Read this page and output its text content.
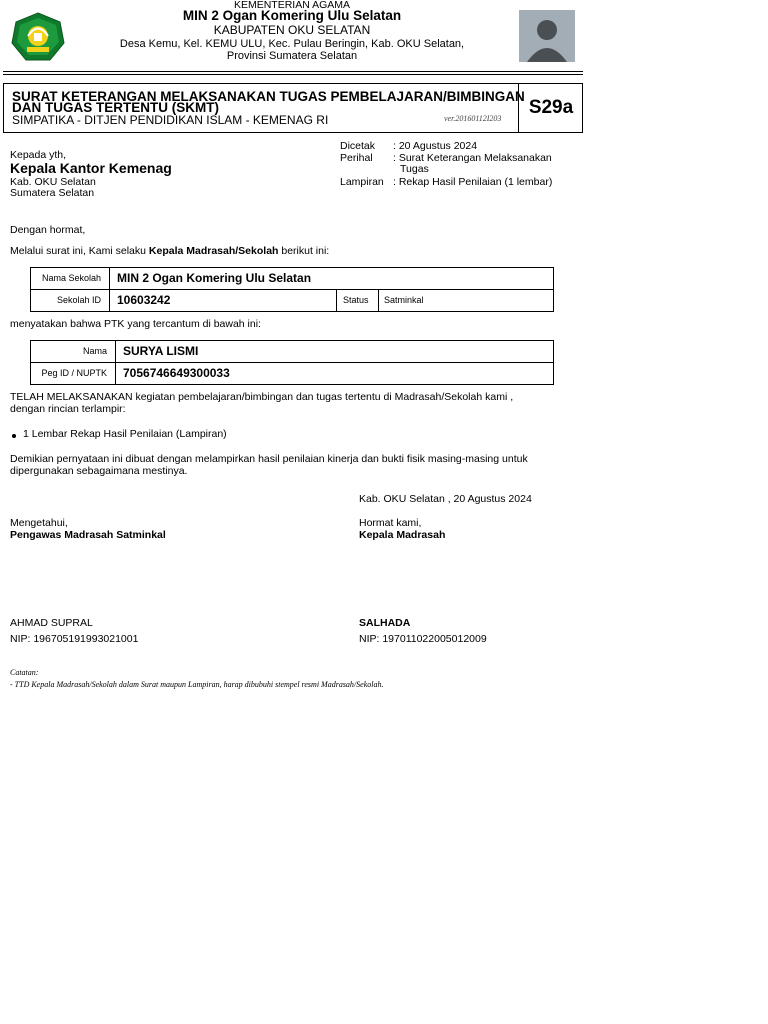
KEMENTERIAN AGAMA
MIN 2 Ogan Komering Ulu Selatan
KABUPATEN OKU SELATAN
Desa Kemu, Kel. KEMU ULU, Kec. Pulau Beringin, Kab. OKU Selatan,
Provinsi Sumatera Selatan
SURAT KETERANGAN MELAKSANAKAN TUGAS PEMBELAJARAN/BIMBINGAN
DAN TUGAS TERTENTU (SKMT)
SIMPATIKA - DITJEN PENDIDIKAN ISLAM - KEMENAG RI	ver.20160112I203
S29a
Kepada yth,
Kepala Kantor Kemenag
Kab. OKU Selatan
Sumatera Selatan
Dicetak : 20 Agustus 2024
Perihal : Surat Keterangan Melaksanakan
Tugas
Lampiran : Rekap Hasil Penilaian (1 lembar)
Dengan hormat,
Melalui surat ini, Kami selaku Kepala Madrasah/Sekolah berikut ini:
Nama Sekolah MIN 2 Ogan Komering Ulu Selatan
Sekolah ID 10603242	Status Satminkal
menyatakan bahwa PTK yang tercantum di bawah ini:
Nama SURYA LISMI
Peg ID / NUPTK 7056746649300033
TELAH MELAKSANAKAN kegiatan pembelajaran/bimbingan dan tugas tertentu di Madrasah/Sekolah kami ,
dengan rincian terlampir:
1 Lembar Rekap Hasil Penilaian (Lampiran)
Demikian pernyataan ini dibuat dengan melampirkan hasil penilaian kinerja dan bukti fisik masing-masing untuk
dipergunakan sebagaimana mestinya.
Kab. OKU Selatan , 20 Agustus 2024
Mengetahui,
Pengawas Madrasah Satminkal
AHMAD SUPRAL
NIP: 196705191993021001
Hormat kami,
Kepala Madrasah
SALHADA
NIP: 197011022005012009
Catatan:
- TTD Kepala Madrasah/Sekolah dalam Surat maupun Lampiran, harap dibubuhi stempel resmi Madrasah/Sekolah.
